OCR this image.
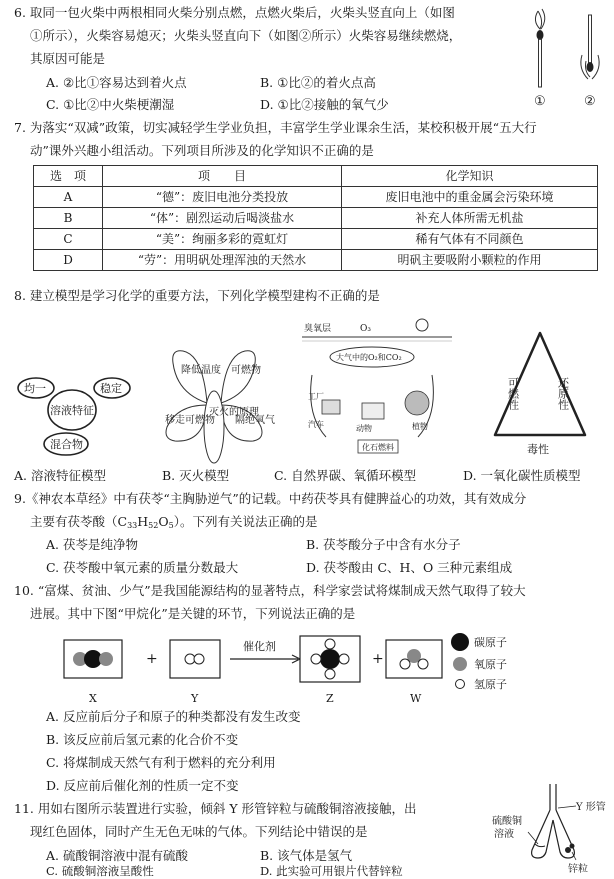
6. 取同一包火柴中两根相同火柴分别点燃，点燃火柴后，火柴头竖直向上（如图
①所示），火柴容易熄灭；火柴头竖直向下（如图②所示）火柴容易继续燃烧，
其原因可能是
A. ②比①容易达到着火点	B. ①比②的着火点高
C. ①比②中火柴梗潮湿	D. ①比②接触的氧气少	①	②
7. 为落实“双减”政策，切实减轻学生学业负担，丰富学生学业课余生活，某校积极开展“五大行
动”课外兴趣小组活动。下列项目所涉及的化学知识不正确的是
选　项	项　　目	化学知识
A	“德”：废旧电池分类投放	废旧电池中的重金属会污染环境
B	“体”：剧烈运动后喝淡盐水	补充人体所需无机盐
C	“美”：绚丽多彩的霓虹灯	稀有气体有不同颜色
D	“劳”：用明矾处理浑浊的天然水	明矾主要吸附小颗粒的作用
8. 建立模型是学习化学的重要方法，下列化学模型建构不正确的是
均一	稳定
溶液特征
混合物
降低温度 可燃物
移走可燃物
灭火的原理
隔绝氧气
臭氧层	O₃
大气中的O₂和CO₂
工厂
汽车	动物	植物
化石燃料
可燃性	还原性
毒性
A. 溶液特征模型	B. 灭火模型	C. 自然界碳、氧循环模型	D. 一氧化碳性质模型
9.《神农本草经》中有茯苓“主胸胁逆气”的记载。中药茯苓具有健脾益心的功效，其有效成分
主要有茯苓酸$(C_{33}H_{52}O_5)$。下列有关说法正确的是
A. 茯苓是纯净物	B. 茯苓酸分子中含有水分子
C. 茯苓酸中氧元素的质量分数最大	D. 茯苓酸由 C、H、O 三种元素组成
10. “富煤、贫油、少气”是我国能源结构的显著特点，科学家尝试将煤制成天然气取得了较大
进展。其中下图“甲烷化”是关键的环节，下列说法正确的是
+
催化剂
+
X	Y	Z	W
碳原子
氧原子
氢原子
A. 反应前后分子和原子的种类都没有发生改变
B. 该反应前后氢元素的化合价不变
C. 将煤制成天然气有利于燃料的充分利用
D. 反应前后催化剂的性质一定不变
11. 用如右图所示装置进行实验，倾斜 Y 形管锌粒与硫酸铜溶液接触，出
现红色固体，同时产生无色无味的气体。下列结论中错误的是
A. 硫酸铜溶液中混有硫酸	B. 该气体是氢气
C. 硫酸铜溶液呈酸性	D. 此实验可用银片代替锌粒
Y 形管
硫酸铜溶液
锌粒
